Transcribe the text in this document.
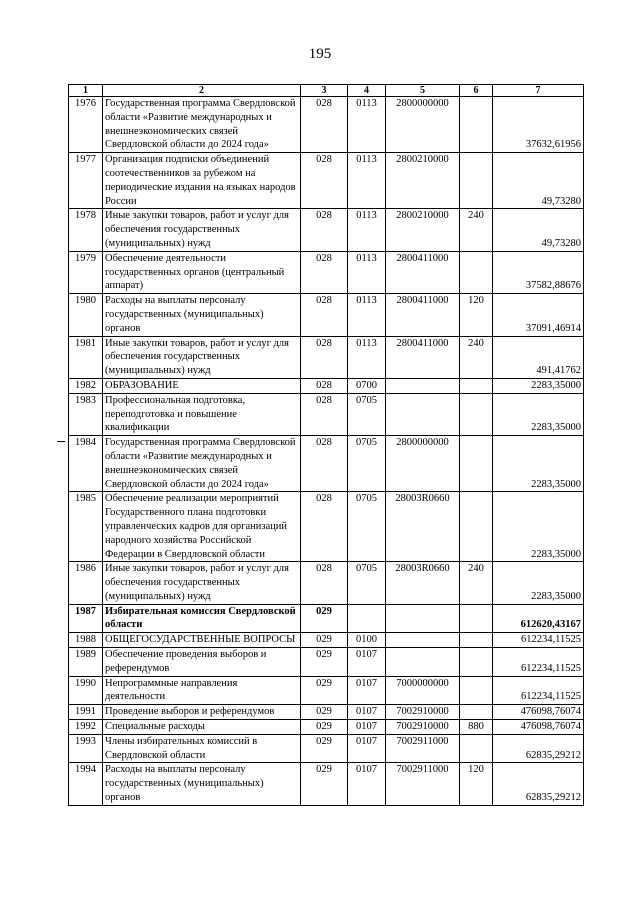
195
1	2	3	4	5	6	7
1976	Государственная программа Свердловской области «Развитие международных и внешнеэкономических связей Свердловской области до 2024 года»	028	0113	2800000000		37632,61956
1977	Организация подписки объединений соотечественников за рубежом на периодические издания на языках народов России	028	0113	2800210000		49,73280
1978	Иные закупки товаров, работ и услуг для обеспечения государственных (муниципальных) нужд	028	0113	2800210000	240	49,73280
1979	Обеспечение деятельности государственных органов (центральный аппарат)	028	0113	2800411000		37582,88676
1980	Расходы на выплаты персоналу государственных (муниципальных) органов	028	0113	2800411000	120	37091,46914
1981	Иные закупки товаров, работ и услуг для обеспечения государственных (муниципальных) нужд	028	0113	2800411000	240	491,41762
1982	ОБРАЗОВАНИЕ	028	0700			2283,35000
1983	Профессиональная подготовка, переподготовка и повышение квалификации	028	0705			2283,35000
1984	Государственная программа Свердловской области «Развитие международных и внешнеэкономических связей Свердловской области до 2024 года»	028	0705	2800000000		2283,35000
1985	Обеспечение реализации мероприятий Государственного плана подготовки управленческих кадров для организаций народного хозяйства Российской Федерации в Свердловской области	028	0705	28003R0660		2283,35000
1986	Иные закупки товаров, работ и услуг для обеспечения государственных (муниципальных) нужд	028	0705	28003R0660	240	2283,35000
1987	Избирательная комиссия Свердловской области	029				612620,43167
1988	ОБЩЕГОСУДАРСТВЕННЫЕ ВОПРОСЫ	029	0100			612234,11525
1989	Обеспечение проведения выборов и референдумов	029	0107			612234,11525
1990	Непрограммные направления деятельности	029	0107	7000000000		612234,11525
1991	Проведение выборов и референдумов	029	0107	7002910000		476098,76074
1992	Специальные расходы	029	0107	7002910000	880	476098,76074
1993	Члены избирательных комиссий в Свердловской области	029	0107	7002911000		62835,29212
1994	Расходы на выплаты персоналу государственных (муниципальных) органов	029	0107	7002911000	120	62835,29212
